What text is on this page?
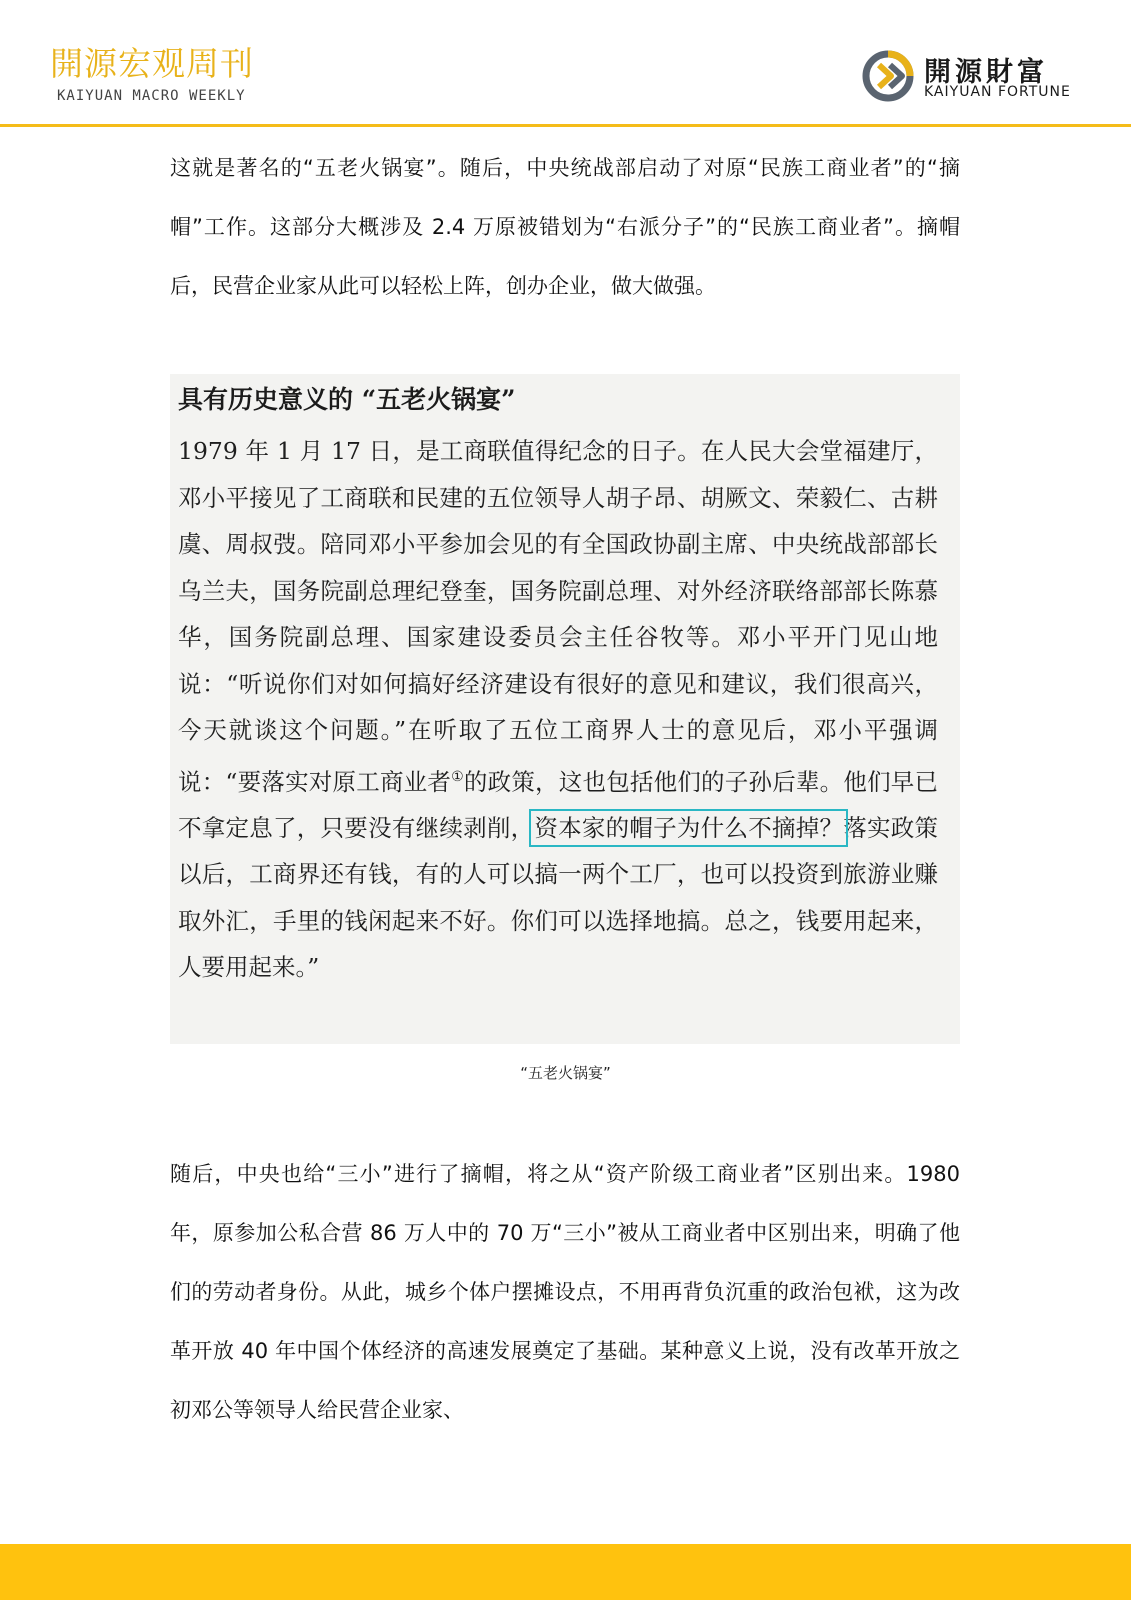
開源宏观周刊
KAIYUAN MACRO WEEKLY
開源財富
KAIYUAN FORTUNE

这就是著名的“五老火锅宴”。随后，中央统战部启动了对原“民族工商业者”的“摘帽”工作。这部分大概涉及 2.4 万原被错划为“右派分子”的“民族工商业者”。摘帽后，民营企业家从此可以轻松上阵，创办企业，做大做强。

具有历史意义的 “五老火锅宴”

1979 年 1 月 17 日，是工商联值得纪念的日子。在人民大会堂福建厅，邓小平接见了工商联和民建的五位领导人胡子昂、胡厥文、荣毅仁、古耕虞、周叔弢。陪同邓小平参加会见的有全国政协副主席、中央统战部部长乌兰夫，国务院副总理纪登奎，国务院副总理、对外经济联络部部长陈慕华，国务院副总理、国家建设委员会主任谷牧等。邓小平开门见山地说：“听说你们对如何搞好经济建设有很好的意见和建议，我们很高兴，今天就谈这个问题。”在听取了五位工商界人士的意见后，邓小平强调说：“要落实对原工商业者①的政策，这也包括他们的子孙后辈。他们早已不拿定息了，只要没有继续剥削，资本家的帽子为什么不摘掉？落实政策以后，工商界还有钱，有的人可以搞一两个工厂，也可以投资到旅游业赚取外汇，手里的钱闲起来不好。你们可以选择地搞。总之，钱要用起来，人要用起来。”

“五老火锅宴”

随后，中央也给“三小”进行了摘帽，将之从“资产阶级工商业者”区别出来。1980 年，原参加公私合营 86 万人中的 70 万“三小”被从工商业者中区别出来，明确了他们的劳动者身份。从此，城乡个体户摆摊设点，不用再背负沉重的政治包袱，这为改革开放 40 年中国个体经济的高速发展奠定了基础。某种意义上说，没有改革开放之初邓公等领导人给民营企业家、
